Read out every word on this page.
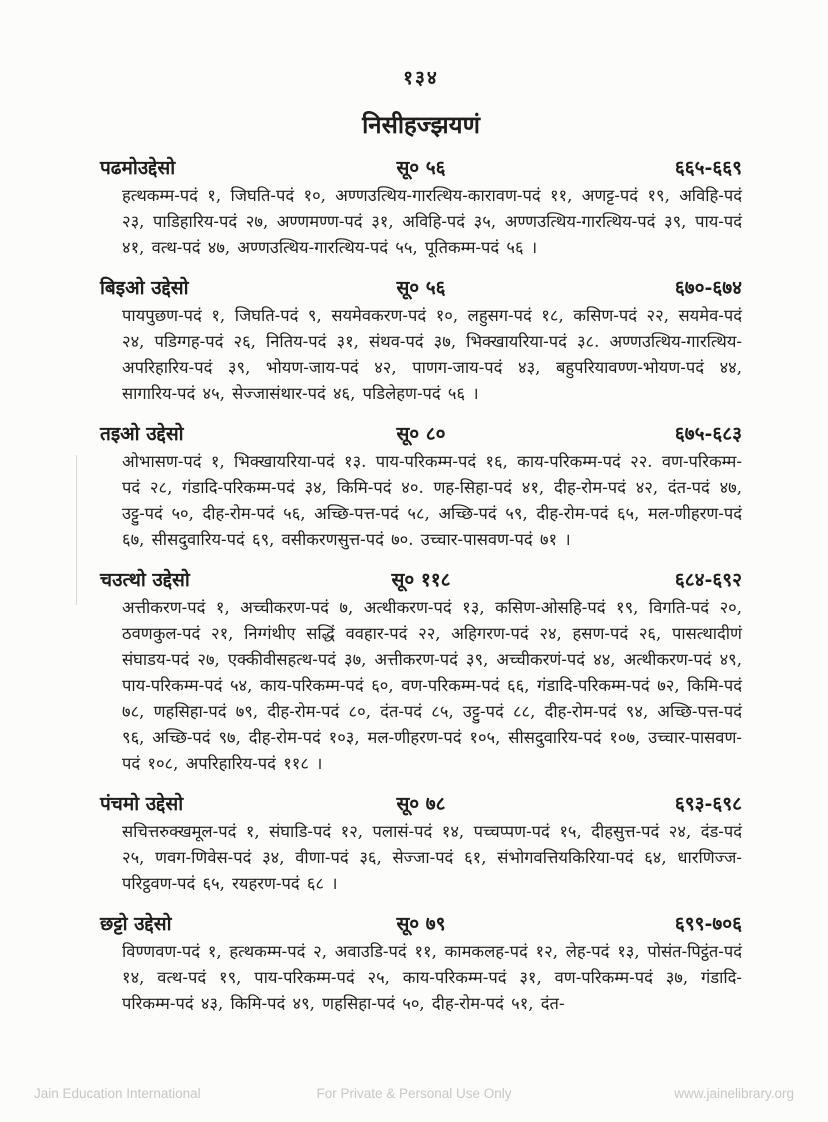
१३४
निसीहज्झयणं
पढमोउद्देसो	सू० ५६	६६५-६६९

हत्थकम्म-पदं १, जिघति-पदं १०, अण्णउत्थिय-गारत्थिय-कारावण-पदं ११, अणट्ट-पदं १९, अविहि-पदं २३, पाडिहारिय-पदं २७, अण्णमण्ण-पदं ३१, अविहि-पदं ३५, अण्णउत्थिय-गारत्थिय-पदं ३९, पाय-पदं ४१, वत्थ-पदं ४७, अण्णउत्थिय-गारत्थिय-पदं ५५, पूतिकम्म-पदं ५६ ।

बिइओ उद्देसो	सू० ५६	६७०-६७४

पायपुछण-पदं १, जिघति-पदं ९, सयमेवकरण-पदं १०, लहुसग-पदं १८, कसिण-पदं २२, सयमेव-पदं २४, पडिग्गह-पदं २६, नितिय-पदं ३१, संथव-पदं ३७, भिक्खायरिया-पदं ३८. अण्णउत्थिय-गारत्थिय-अपरिहारिय-पदं ३९, भोयण-जाय-पदं ४२, पाणग-जाय-पदं ४३, बहुपरियावण्ण-भोयण-पदं ४४, सागारिय-पदं ४५, सेज्जासंथार-पदं ४६, पडिलेहण-पदं ५६ ।

तइओ उद्देसो	सू० ८०	६७५-६८३

ओभासण-पदं १, भिक्खायरिया-पदं १३. पाय-परिकम्म-पदं १६, काय-परिकम्म-पदं २२. वण-परिकम्म-पदं २८, गंडादि-परिकम्म-पदं ३४, किमि-पदं ४०. णह-सिहा-पदं ४१, दीह-रोम-पदं ४२, दंत-पदं ४७, उट्टु-पदं ५०, दीह-रोम-पदं ५६, अच्छि-पत्त-पदं ५८, अच्छि-पदं ५९, दीह-रोम-पदं ६५, मल-णीहरण-पदं ६७, सीसदुवारिय-पदं ६९, वसीकरणसुत्त-पदं ७०. उच्चार-पासवण-पदं ७१ ।

चउत्थो उद्देसो	सू० ११८	६८४-६९२

अत्तीकरण-पदं १, अच्चीकरण-पदं ७, अत्थीकरण-पदं १३, कसिण-ओसहि-पदं १९, विगति-पदं २०, ठवणकुल-पदं २१, निग्गंथीए सद्धिं ववहार-पदं २२, अहिगरण-पदं २४, हसण-पदं २६, पासत्थादीणं संघाडय-पदं २७, एक्कीवीसहत्थ-पदं ३७, अत्तीकरण-पदं ३९, अच्चीकरणं-पदं ४४, अत्थीकरण-पदं ४९, पाय-परिकम्म-पदं ५४, काय-परिकम्म-पदं ६०, वण-परिकम्म-पदं ६६, गंडादि-परिकम्म-पदं ७२, किमि-पदं ७८, णहसिहा-पदं ७९, दीह-रोम-पदं ८०, दंत-पदं ८५, उट्टु-पदं ८८, दीह-रोम-पदं ९४, अच्छि-पत्त-पदं ९६, अच्छि-पदं ९७, दीह-रोम-पदं १०३, मल-णीहरण-पदं १०५, सीसदुवारिय-पदं १०७, उच्चार-पासवण-पदं १०८, अपरिहारिय-पदं ११८ ।

पंचमो उद्देसो	सू० ७८	६९३-६९८

सचित्तरुक्खमूल-पदं १, संघाडि-पदं १२, पलासं-पदं १४, पच्चप्पण-पदं १५, दीहसुत्त-पदं २४, दंड-पदं २५, णवग-णिवेस-पदं ३४, वीणा-पदं ३६, सेज्जा-पदं ६१, संभोगवत्तियकिरिया-पदं ६४, धारणिज्ज-परिट्ठवण-पदं ६५, रयहरण-पदं ६८ ।

छट्टो उद्देसो	सू० ७९	६९९-७०६

विण्णवण-पदं १, हत्थकम्म-पदं २, अवाउडि-पदं ११, कामकलह-पदं १२, लेह-पदं १३, पोसंत-पिट्ठंत-पदं १४, वत्थ-पदं १९, पाय-परिकम्म-पदं २५, काय-परिकम्म-पदं ३१, वण-परिकम्म-पदं ३७, गंडादि-परिकम्म-पदं ४३, किमि-पदं ४९, णहसिहा-पदं ५०, दीह-रोम-पदं ५१, दंत-

Jain Education International	For Private & Personal Use Only	www.jainelibrary.org
